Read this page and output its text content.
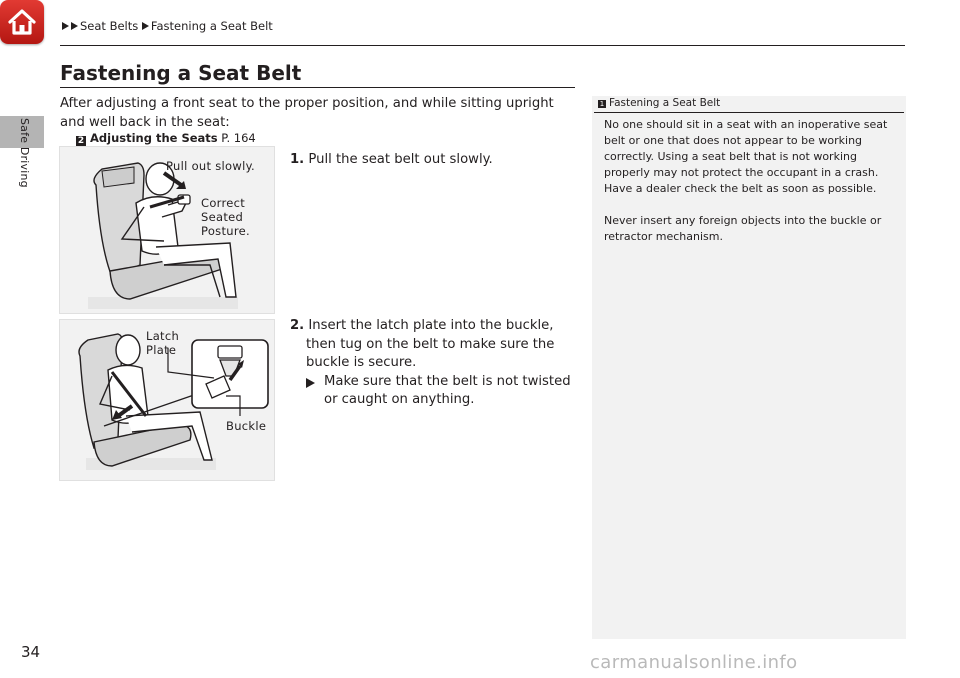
Safe Driving
Seat Belts Fastening a Seat Belt
Fastening a Seat Belt
After adjusting a front seat to the proper position, and while sitting upright and well back in the seat:
2 Adjusting the Seats P. 164
Pull out slowly.
Correct
Seated
Posture.
Latch
Plate
Buckle
1. Pull the seat belt out slowly.
2. Insert the latch plate into the buckle, then tug on the belt to make sure the buckle is secure.
Make sure that the belt is not twisted or caught on anything.
1 Fastening a Seat Belt

No one should sit in a seat with an inoperative seat belt or one that does not appear to be working correctly. Using a seat belt that is not working properly may not protect the occupant in a crash. Have a dealer check the belt as soon as possible.

Never insert any foreign objects into the buckle or retractor mechanism.

34	carmanualsonline.info
